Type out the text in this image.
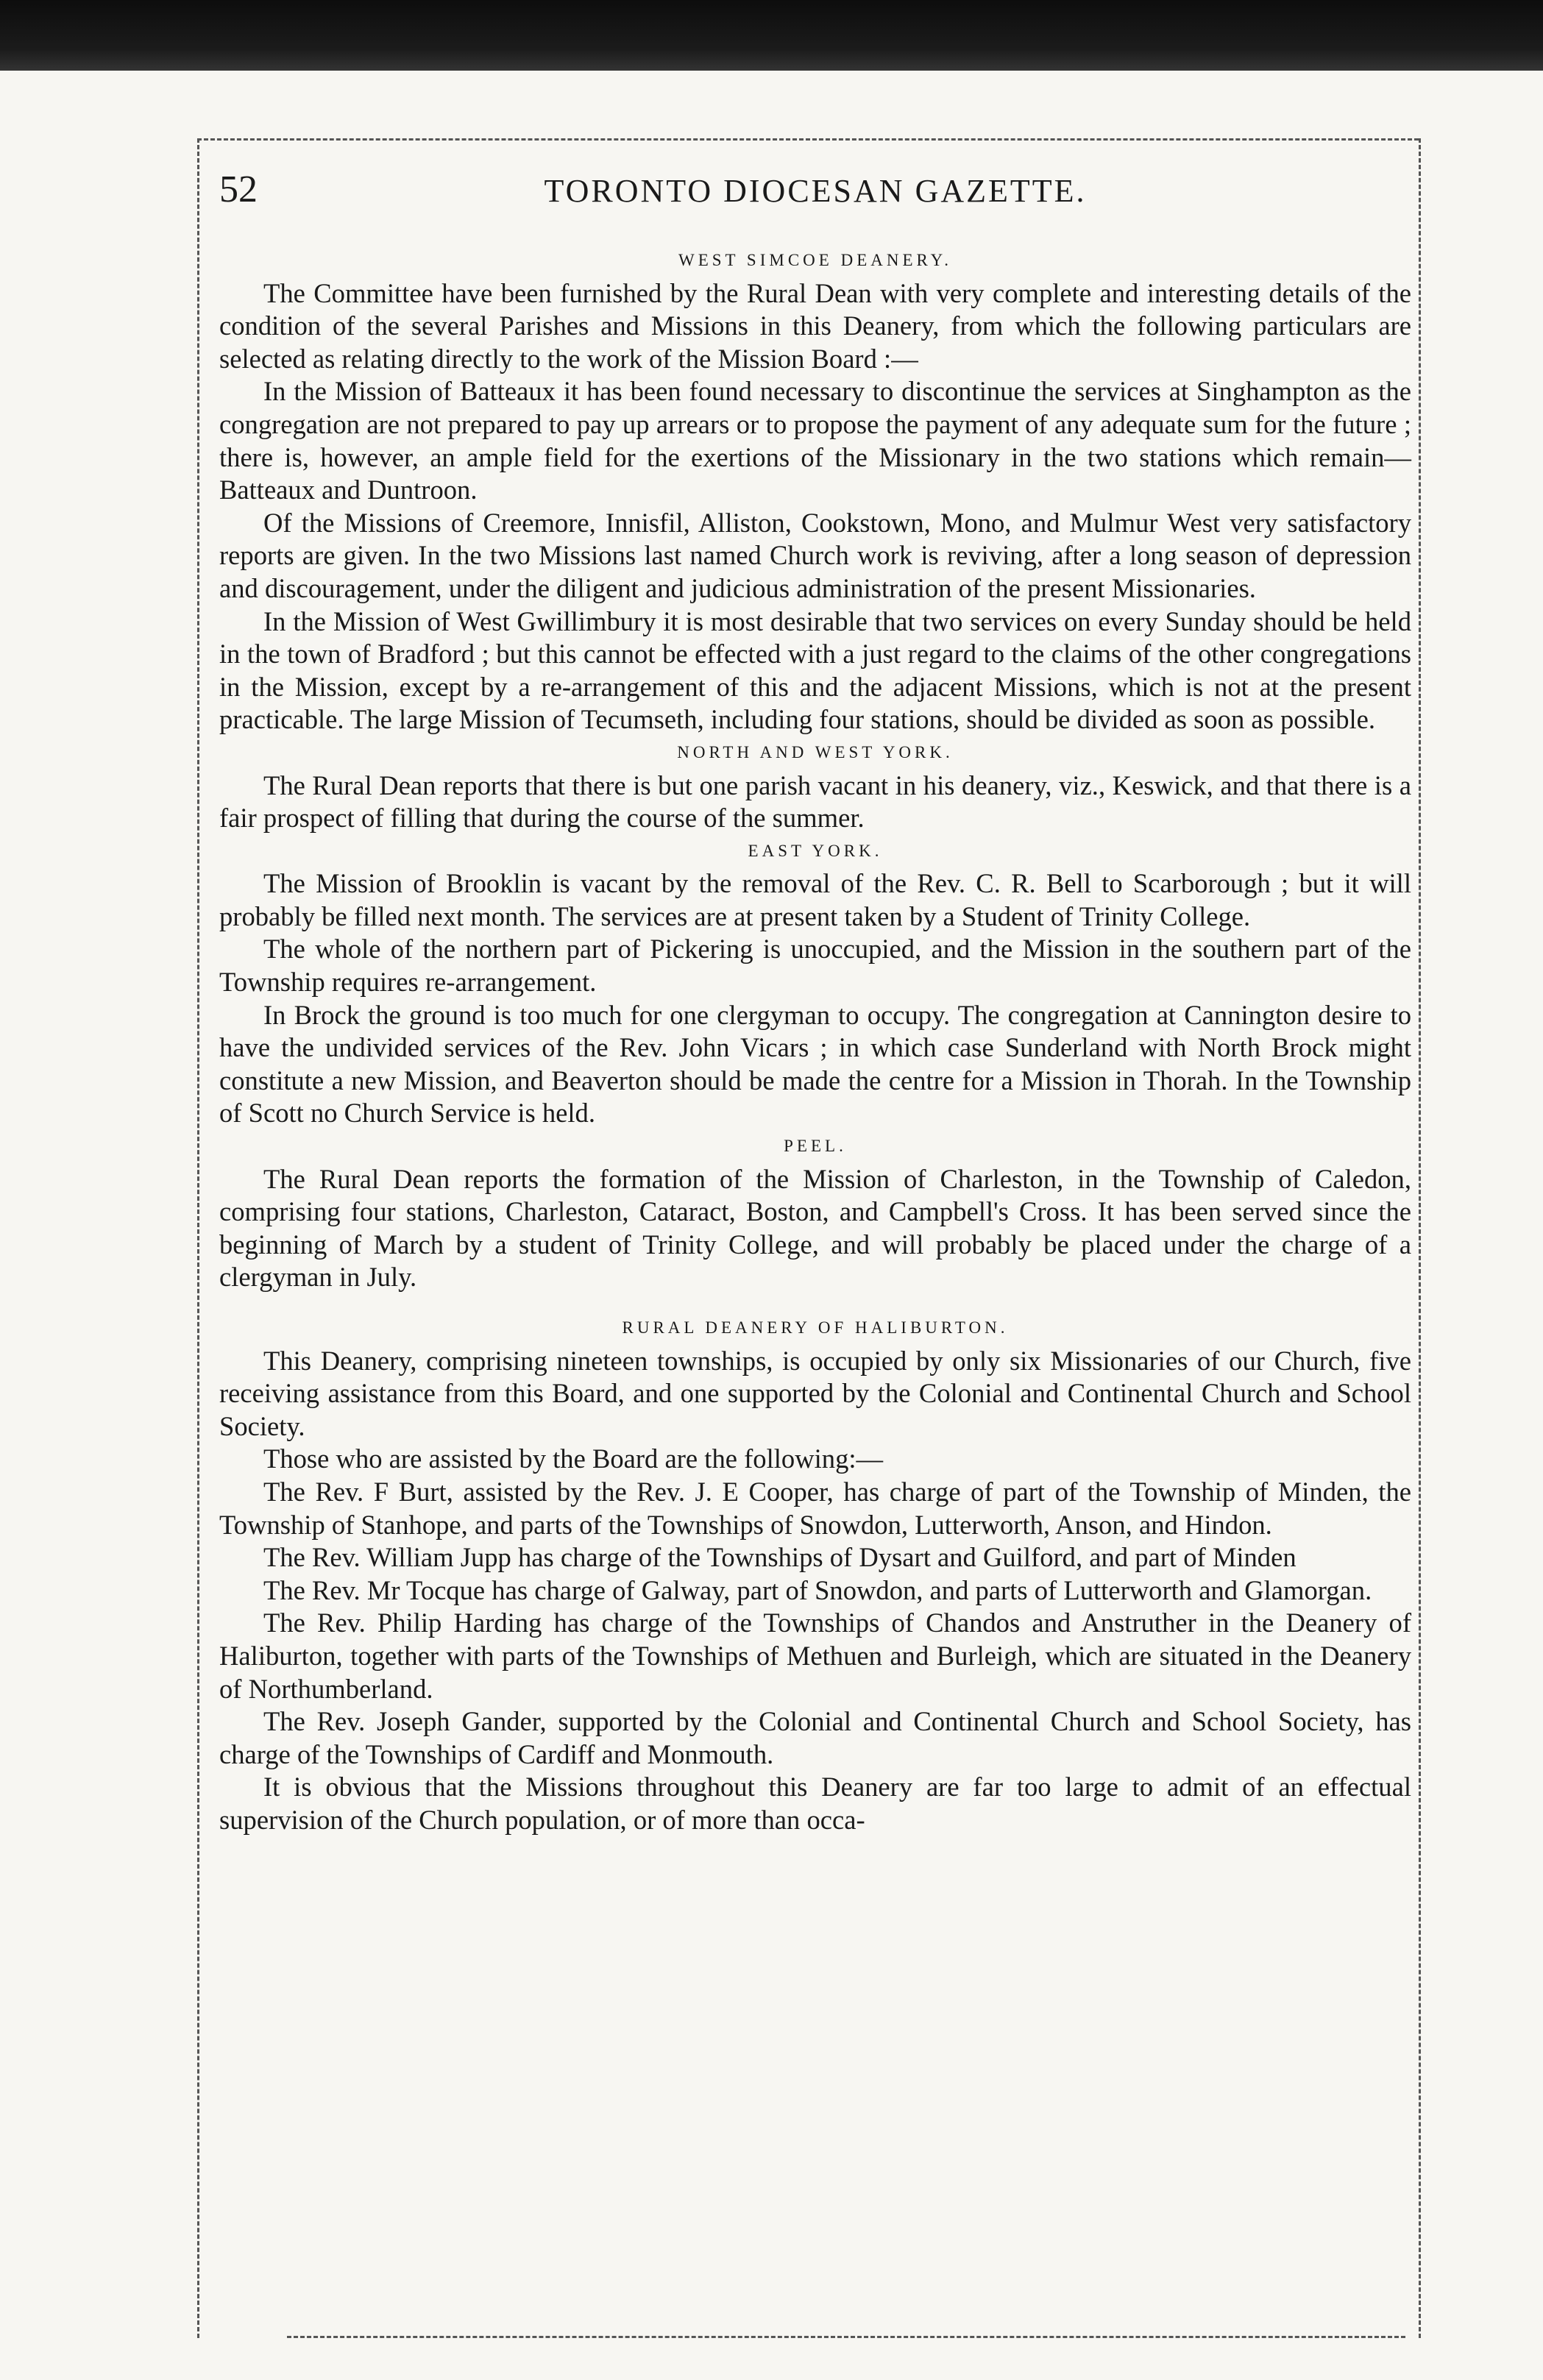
52	TORONTO DIOCESAN GAZETTE.

WEST SIMCOE DEANERY.

The Committee have been furnished by the Rural Dean with very complete and interesting details of the condition of the several Parishes and Missions in this Deanery, from which the following particulars are selected as relating directly to the work of the Mission Board :—

In the Mission of Batteaux it has been found necessary to discontinue the services at Singhampton as the congregation are not prepared to pay up arrears or to propose the payment of any adequate sum for the future ; there is, however, an ample field for the exertions of the Missionary in the two stations which remain—Batteaux and Duntroon.

Of the Missions of Creemore, Innisfil, Alliston, Cookstown, Mono, and Mulmur West very satisfactory reports are given. In the two Missions last named Church work is reviving, after a long season of depression and discouragement, under the diligent and judicious administration of the present Missionaries.

In the Mission of West Gwillimbury it is most desirable that two services on every Sunday should be held in the town of Bradford ; but this cannot be effected with a just regard to the claims of the other congregations in the Mission, except by a re-arrangement of this and the adjacent Missions, which is not at the present practicable. The large Mission of Tecumseth, including four stations, should be divided as soon as possible.

NORTH AND WEST YORK.

The Rural Dean reports that there is but one parish vacant in his deanery, viz., Keswick, and that there is a fair prospect of filling that during the course of the summer.

EAST YORK.

The Mission of Brooklin is vacant by the removal of the Rev. C. R. Bell to Scarborough ; but it will probably be filled next month. The services are at present taken by a Student of Trinity College.

The whole of the northern part of Pickering is unoccupied, and the Mission in the southern part of the Township requires re-arrangement.

In Brock the ground is too much for one clergyman to occupy. The congregation at Cannington desire to have the undivided services of the Rev. John Vicars ; in which case Sunderland with North Brock might constitute a new Mission, and Beaverton should be made the centre for a Mission in Thorah. In the Township of Scott no Church Service is held.

PEEL.

The Rural Dean reports the formation of the Mission of Charleston, in the Township of Caledon, comprising four stations, Charleston, Cataract, Boston, and Campbell's Cross. It has been served since the beginning of March by a student of Trinity College, and will probably be placed under the charge of a clergyman in July.

RURAL DEANERY OF HALIBURTON.

This Deanery, comprising nineteen townships, is occupied by only six Missionaries of our Church, five receiving assistance from this Board, and one supported by the Colonial and Continental Church and School Society.

Those who are assisted by the Board are the following:—

The Rev. F Burt, assisted by the Rev. J. E Cooper, has charge of part of the Township of Minden, the Township of Stanhope, and parts of the Townships of Snowdon, Lutterworth, Anson, and Hindon.

The Rev. William Jupp has charge of the Townships of Dysart and Guilford, and part of Minden

The Rev. Mr Tocque has charge of Galway, part of Snowdon, and parts of Lutterworth and Glamorgan.

The Rev. Philip Harding has charge of the Townships of Chandos and Anstruther in the Deanery of Haliburton, together with parts of the Townships of Methuen and Burleigh, which are situated in the Deanery of Northumberland.

The Rev. Joseph Gander, supported by the Colonial and Continental Church and School Society, has charge of the Townships of Cardiff and Monmouth.

It is obvious that the Missions throughout this Deanery are far too large to admit of an effectual supervision of the Church population, or of more than occa-
